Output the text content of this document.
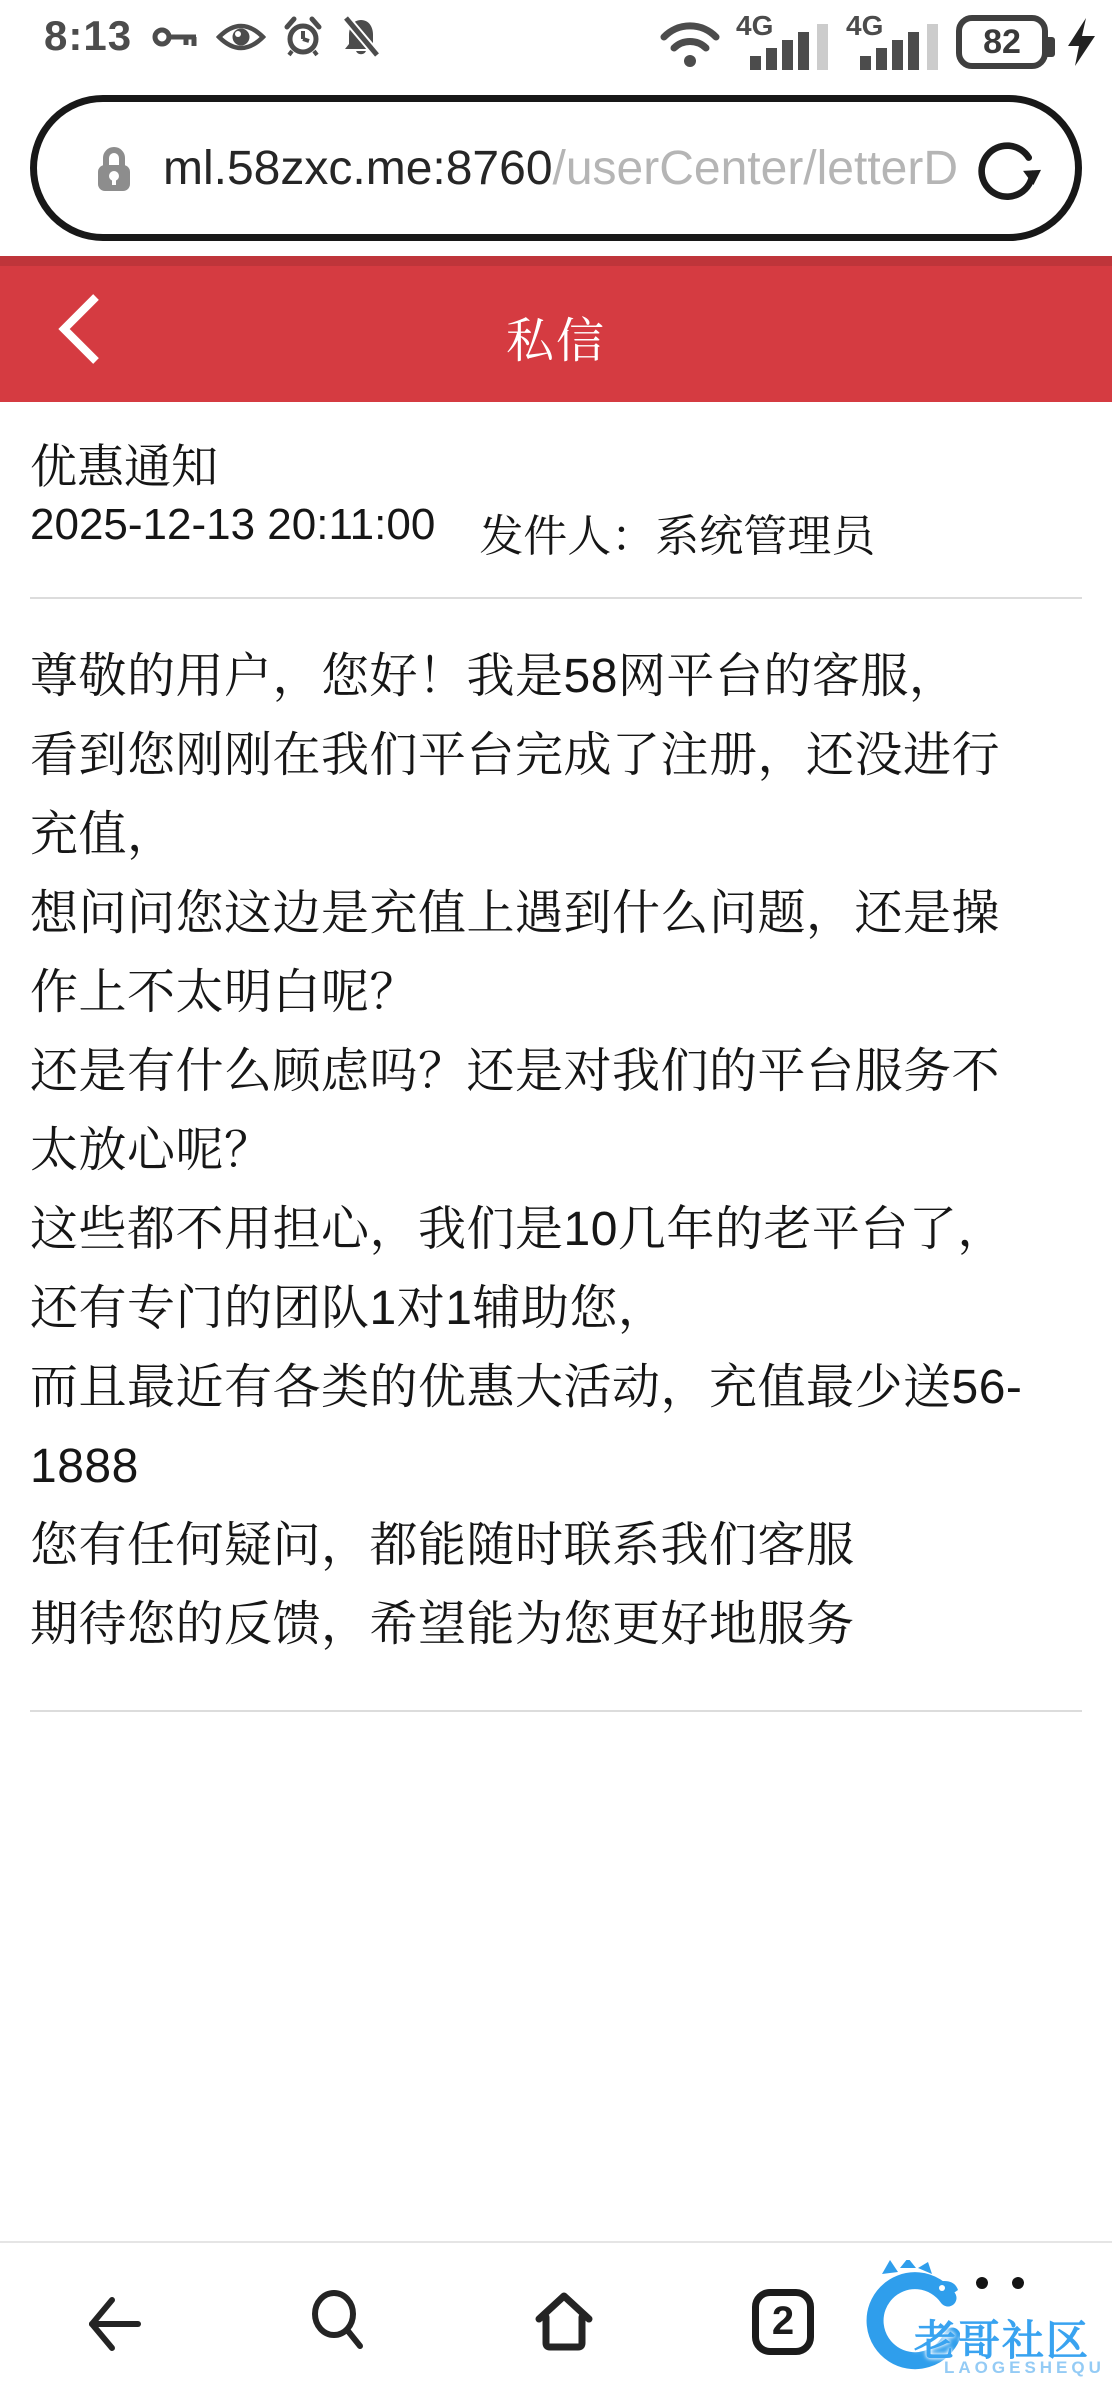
8:13	4G	4G	82
ml.58zxc.me:8760/userCenter/letterD
私信
优惠通知
2025-12-13 20:11:00 发件人：系统管理员
尊敬的用户，您好！我是58网平台的客服，
看到您刚刚在我们平台完成了注册，还没进行
充值，
想问问您这边是充值上遇到什么问题，还是操
作上不太明白呢？
还是有什么顾虑吗？还是对我们的平台服务不
太放心呢？
这些都不用担心，我们是10几年的老平台了，
还有专门的团队1对1辅助您，
而且最近有各类的优惠大活动，充值最少送56-
1888
您有任何疑问，都能随时联系我们客服
期待您的反馈，希望能为您更好地服务
2	老哥社区
LAOGESHEQU
